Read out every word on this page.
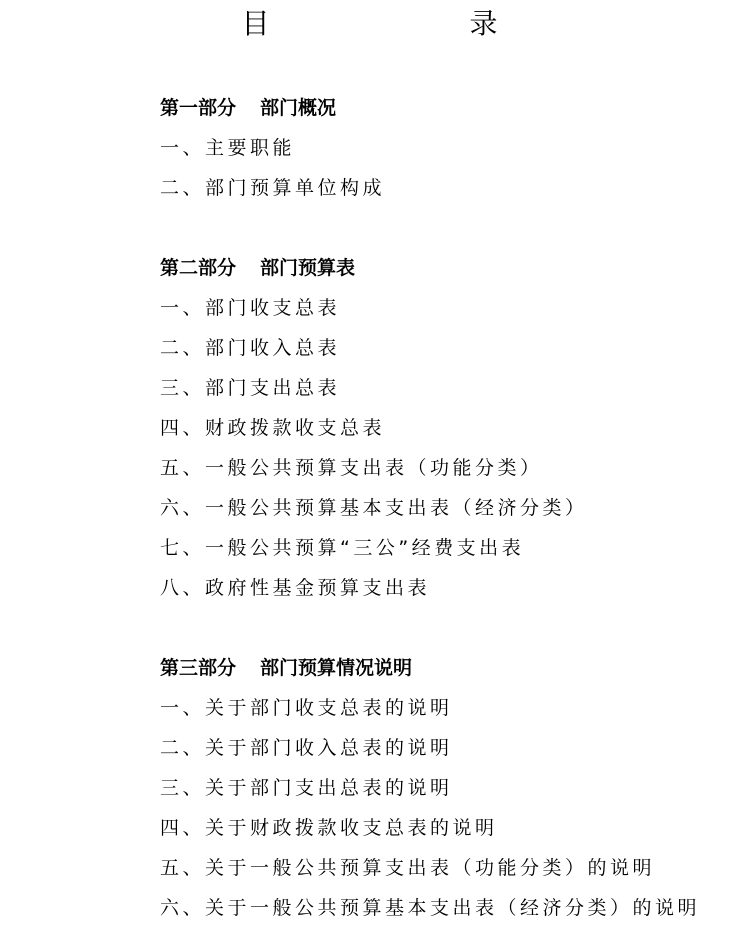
目　　录
第一部分 部门概况
一、主要职能
二、部门预算单位构成
第二部分 部门预算表
一、部门收支总表
二、部门收入总表
三、部门支出总表
四、财政拨款收支总表
五、一般公共预算支出表（功能分类）
六、一般公共预算基本支出表（经济分类）
七、一般公共预算“三公”经费支出表
八、政府性基金预算支出表
第三部分 部门预算情况说明
一、关于部门收支总表的说明
二、关于部门收入总表的说明
三、关于部门支出总表的说明
四、关于财政拨款收支总表的说明
五、关于一般公共预算支出表（功能分类）的说明
六、关于一般公共预算基本支出表（经济分类）的说明
